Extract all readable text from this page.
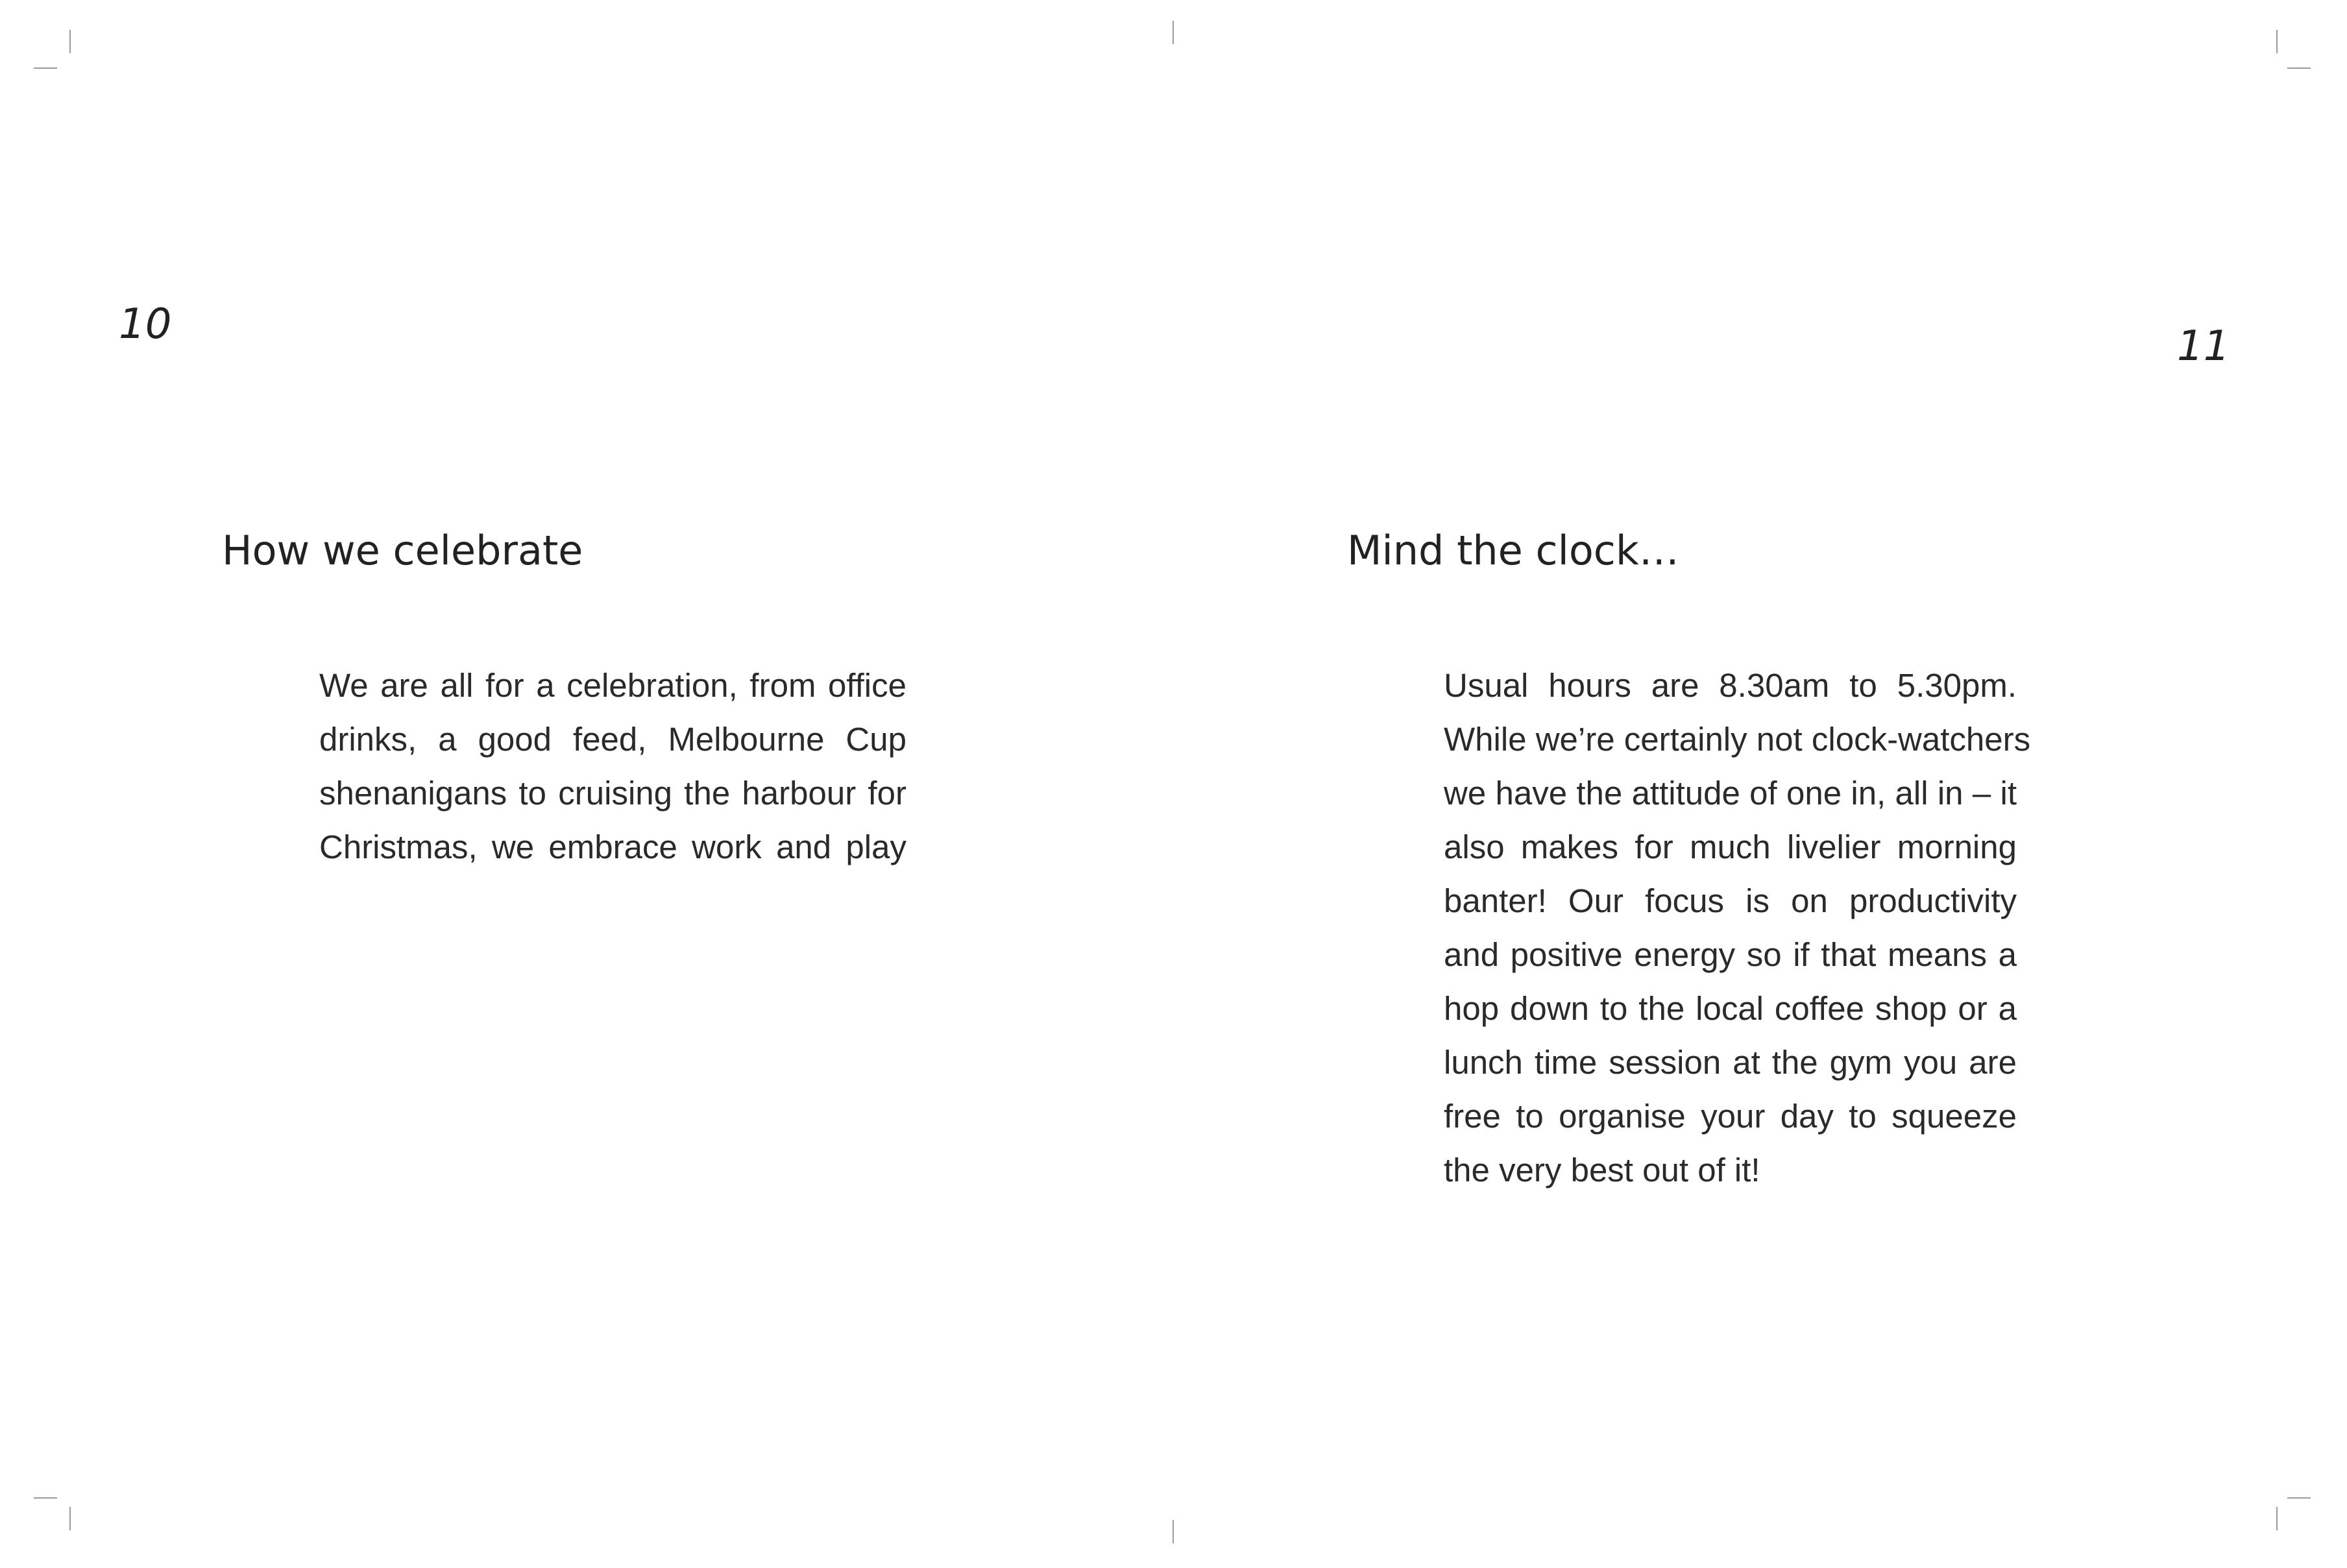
10

How we celebrate
We are all for a celebration, from office
drinks, a good feed, Melbourne Cup
shenanigans to cruising the harbour for
Christmas, we embrace work and play

11

Mind the clock…
Usual hours are 8.30am to 5.30pm.
While we’re certainly not clock-watchers
we have the attitude of one in, all in – it
also makes for much livelier morning
banter! Our focus is on productivity
and positive energy so if that means a
hop down to the local coffee shop or a
lunch time session at the gym you are
free to organise your day to squeeze
the very best out of it!
